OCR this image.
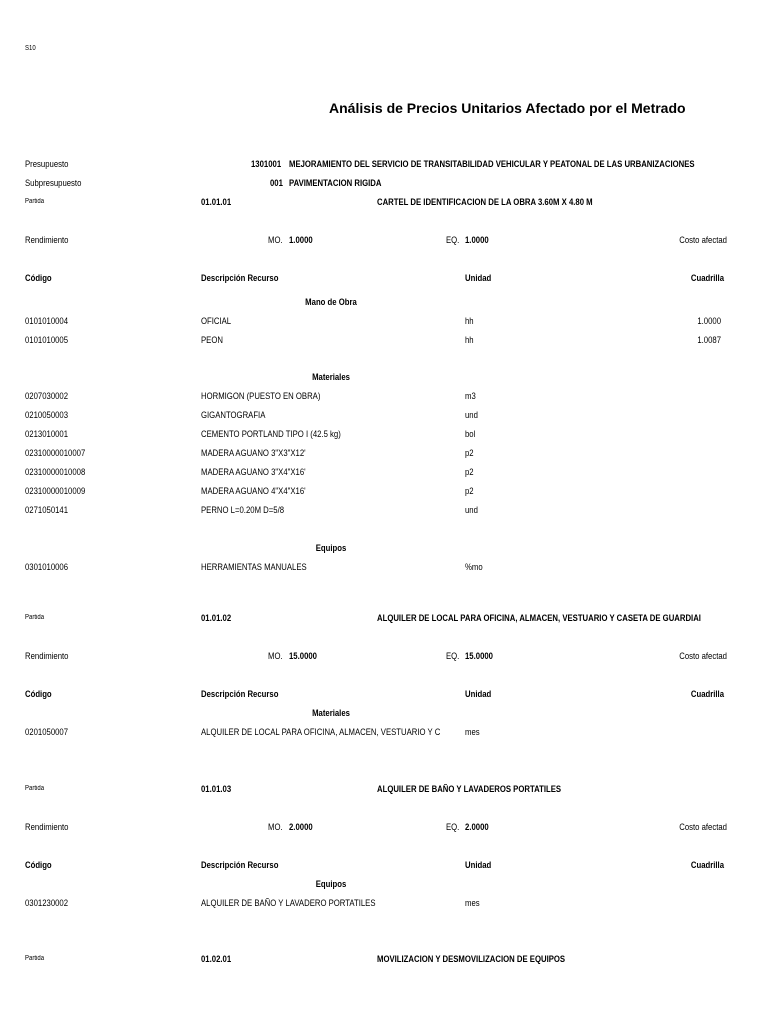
S10
Análisis de Precios Unitarios Afectado por el Metrado
Presupuesto	1301001 MEJORAMIENTO DEL SERVICIO DE TRANSITABILIDAD VEHICULAR Y PEATONAL DE LAS URBANIZACIONES
Subpresupuesto	001 PAVIMENTACION RIGIDA
Partida	01.01.01	CARTEL DE IDENTIFICACION DE LA OBRA 3.60M X 4.80 M
Rendimiento	MO. 1.0000	EQ. 1.0000	Costo afectad
Código	Descripción Recurso	Unidad	Cuadrilla
Mano de Obra
0101010004	OFICIAL	hh	1.0000
0101010005	PEON	hh	1.0087
Materiales
0207030002	HORMIGON (PUESTO EN OBRA)	m3
0210050003	GIGANTOGRAFIA	und
0213010001	CEMENTO PORTLAND TIPO I (42.5 kg)	bol
02310000010007	MADERA AGUANO 3"X3"X12'	p2
02310000010008	MADERA AGUANO 3"X4"X16'	p2
02310000010009	MADERA AGUANO 4"X4"X16'	p2
0271050141	PERNO L=0.20M D=5/8	und
Equipos
0301010006	HERRAMIENTAS MANUALES	%mo
Partida	01.01.02	ALQUILER DE LOCAL PARA OFICINA, ALMACEN, VESTUARIO Y CASETA DE GUARDIAI
Rendimiento	MO. 15.0000	EQ. 15.0000	Costo afectad
Código	Descripción Recurso	Unidad	Cuadrilla
Materiales
0201050007	ALQUILER DE LOCAL PARA OFICINA, ALMACEN, VESTUARIO Y C	mes
Partida	01.01.03	ALQUILER DE BAÑO Y LAVADEROS PORTATILES
Rendimiento	MO. 2.0000	EQ. 2.0000	Costo afectad
Código	Descripción Recurso	Unidad	Cuadrilla
Equipos
0301230002	ALQUILER DE BAÑO Y LAVADERO PORTATILES	mes
Partida	01.02.01	MOVILIZACION Y DESMOVILIZACION DE EQUIPOS
